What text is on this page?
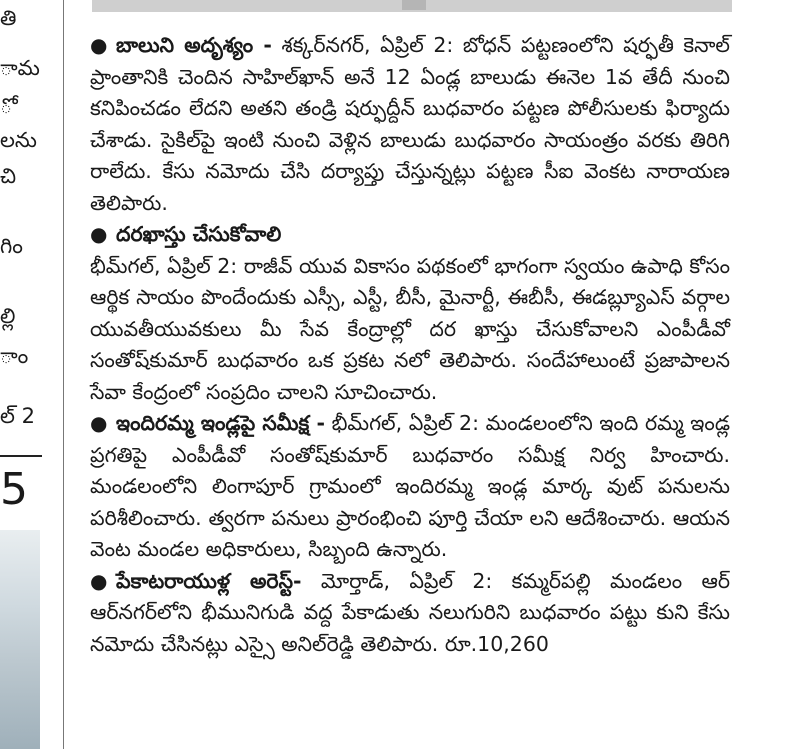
తి
ామ
ో
లను
చి
గిం
ల్లి
ాం
ల్ 2
5

● బాలుని అదృశ్యం - శక్కర్‌నగర్, ఏప్రిల్ 2: బోధన్ పట్టణంలోని షర్ఫతీ కెనాల్ ప్రాంతానికి చెందిన సాహిల్‌ఖాన్ అనే 12 ఏండ్ల బాలుడు ఈనెల 1వ తేదీ నుంచి కనిపించడం లేదని అతని తండ్రి షర్ఫుద్దీన్ బుధవారం పట్టణ పోలీసులకు ఫిర్యాదు చేశాడు. సైకిల్‌పై ఇంటి నుంచి వెళ్లిన బాలుడు బుధవారం సాయంత్రం వరకు తిరిగి రాలేదు. కేసు నమోదు చేసి దర్యాప్తు చేస్తున్నట్లు పట్టణ సీఐ వెంకట నారాయణ తెలిపారు.

● దరఖాస్తు చేసుకోవాలి

భీమ్‌గల్, ఏప్రిల్ 2: రాజీవ్ యువ వికాసం పథకంలో భాగంగా స్వయం ఉపాధి కోసం ఆర్థిక సాయం పొందేందుకు ఎస్సీ, ఎస్టీ, బీసీ, మైనార్టీ, ఈబీసీ, ఈడబ్ల్యూఎస్ వర్గాల యువతీయువకులు మీ సేవ కేంద్రాల్లో దర ఖాస్తు చేసుకోవాలని ఎంపీడీవో సంతోష్‌కుమార్ బుధవారం ఒక ప్రకట నలో తెలిపారు. సందేహాలుంటే ప్రజాపాలన సేవా కేంద్రంలో సంప్రదిం చాలని సూచించారు.

● ఇందిరమ్మ ఇండ్లపై సమీక్ష - భీమ్‌గల్, ఏప్రిల్ 2: మండలంలోని ఇంది రమ్మ ఇండ్ల ప్రగతిపై ఎంపీడీవో సంతోష్‌కుమార్ బుధవారం సమీక్ష నిర్వ హించారు. మండలంలోని లింగాపూర్ గ్రామంలో ఇందిరమ్మ ఇండ్ల మార్క వుట్ పనులను పరిశీలించారు. త్వరగా పనులు ప్రారంభించి పూర్తి చేయా లని ఆదేశించారు. ఆయన వెంట మండల అధికారులు, సిబ్బంది ఉన్నారు.

● పేకాటరాయుళ్ల అరెస్ట్- మోర్తాడ్, ఏప్రిల్ 2: కమ్మర్‌పల్లి మండలం ఆర్ ఆర్‌నగర్‌లోని భీమునిగుడి వద్ద పేకాడుతు నలుగురిని బుధవారం పట్టు కుని కేసు నమోదు చేసినట్లు ఎస్సై అనిల్‌రెడ్డి తెలిపారు. రూ.10,260
